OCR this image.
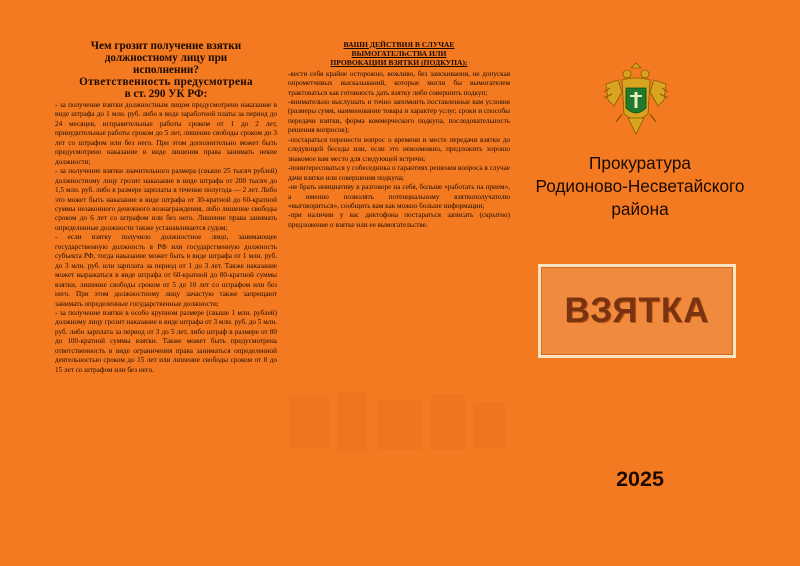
Чем грозит получение взятки

должностному лицу при

исполнении?

Ответственность предусмотрена

в ст. 290 УК РФ:

- за получение взятки должностным лицом предусмотрено наказание в виде штрафа до 1 млн. руб. либо в виде заработной платы за период до 24 месяцев, исправительные работы сроком от 1 до 2 лет, принудительные работы сроком до 5 лет, лишение свободы сроком до 3 лет со штрафом или без него. При этом дополнительно может быть предусмотрено наказание в виде лишения права занимать некие должности;

- за получение взятки значительного размера (свыше 25 тысяч рублей) должностному лицу грозит наказание в виде штрафа от 200 тысяч до 1,5 млн. руб. либо в размере зарплаты в течение полугода — 2 лет. Либо это может быть наказание в виде штрафа от 30-кратной до 60-кратной суммы незаконного денежного вознаграждения, либо лишение свободы сроком до 6 лет со штрафом или без него. Лишение права занимать определенные должности также устанавливается судом;

- если взятку получило должностное лицо, занимающее государственную должность в РФ или государственную должность субъекта РФ, тогда наказание может быть в виде штрафа от 1 млн. руб. до 3 млн. руб. или зарплата за период от 1 до 3 лет. Также наказание может выражаться в виде штрафа от 60-кратной до 80-кратной суммы взятки, лишение свободы сроком от 5 до 10 лет со штрафом или без него. При этом должностному лицу зачастую также запрещают занимать определенные государственные должности;

- за получение взятки в особо крупном размере (свыше 1 млн. рублей) должному лицу грозит наказание в виде штрафа от 3 млн. руб. до 5 млн. руб. либо зарплата за период от 3 до 5 лет, либо штраф в размере от 80 до 100-кратной суммы взятки. Также может быть предусмотрена ответственность в виде ограничения права заниматься определенной деятельностью сроком до 15 лет или лишение свободы сроком от 8 до 15 лет со штрафом или без него.

ВАШИ ДЕЙСТВИЯ В СЛУЧАЕ

ВЫМОГАТЕЛЬСТВА ИЛИ

ПРОВОКАЦИИ ВЗЯТКИ (ПОДКУПА):

-вести себя крайне осторожно, вежливо, без заискивания, не допуская опрометчивых высказываний, которые могли бы вымогателем трактоваться как готовность дать взятку либо совершить подкуп;

-внимательно выслушать и точно запомнить поставленные вам условия (размеры сумм, наименование товара и характер услуг, сроки и способы передачи взятки, форма коммерческого подкупа, последовательность решения вопросов);

-постараться перенести вопрос о времени и месте передачи взятки до следующей беседы или, если это невозможно, предложить хорошо знакомое вам место для следующей встречи;

-поинтересоваться у собеседника о гарантиях решения вопроса в случае дачи взятки или совершения подкупа;

-не брать инициативу в разговоре на себя, больше «работать на прием», а именно позволять потенциальному взяткополучателю «выговориться», сообщить вам как можно больше информации;

-при наличии у вас диктофона постараться записать (скрытно) предложение о взятке или ее вымогательстве.

Прокуратура
Родионово-Несветайского
района
ВЗЯТКА
2025
